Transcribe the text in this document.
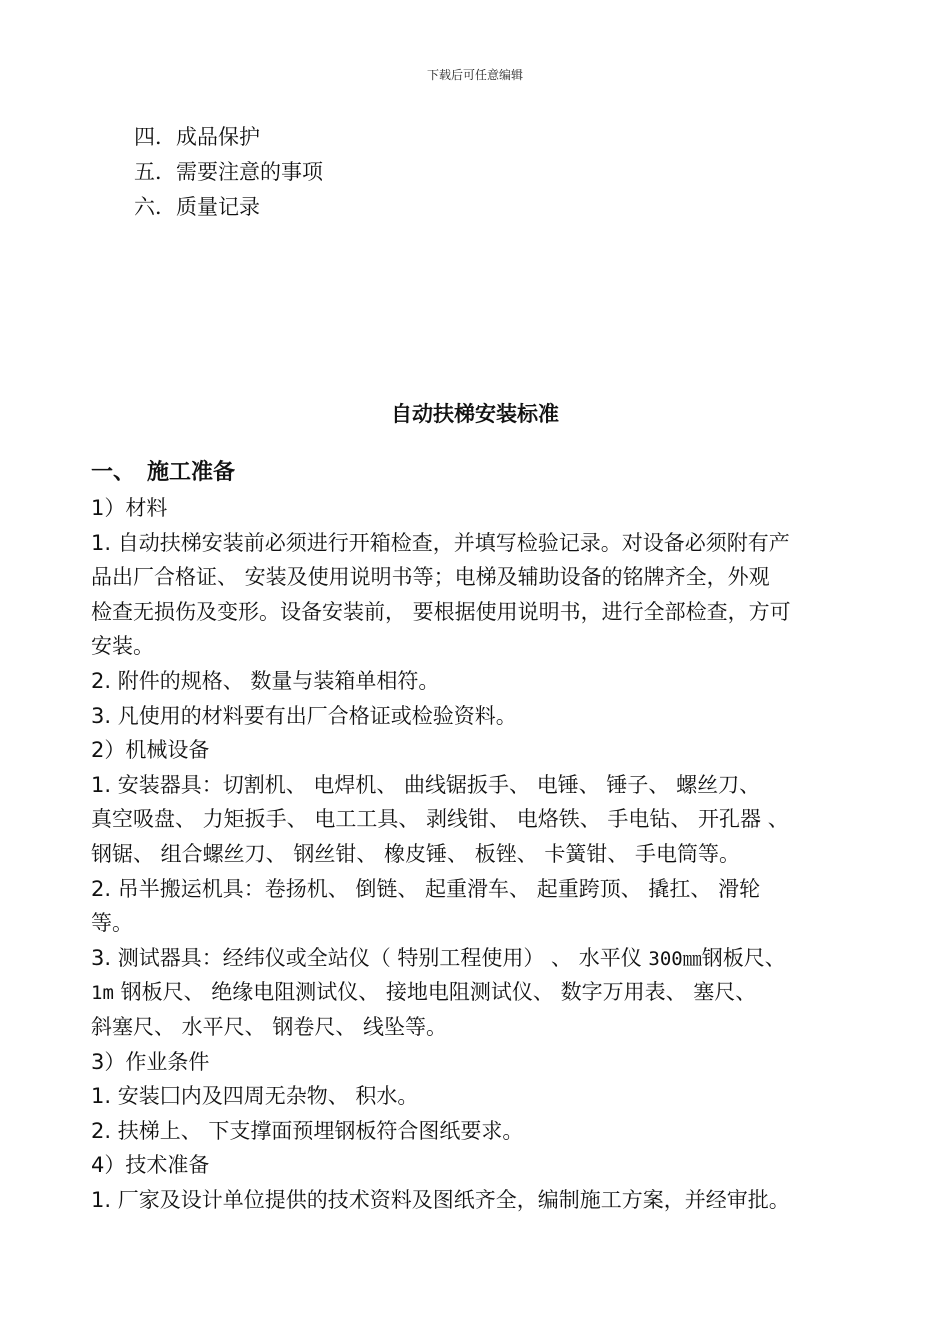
下载后可任意编辑
四．成品保护
五．需要注意的事项
六．质量记录
自动扶梯安装标准
一、 施工准备
1）材料
1. 自动扶梯安装前必须进行开箱检查，并填写检验记录。对设备必须附有产
品出厂合格证、 安装及使用说明书等；电梯及辅助设备的铭牌齐全，外观
检查无损伤及变形。设备安装前， 要根据使用说明书，进行全部检查，方可
安装。
2. 附件的规格、 数量与装箱单相符。
3. 凡使用的材料要有出厂合格证或检验资料。
2）机械设备
1. 安装器具：切割机、 电焊机、 曲线锯扳手、 电锤、 锤子、 螺丝刀、
真空吸盘、 力矩扳手、 电工工具、 剥线钳、 电烙铁、 手电钻、 开孔器 、
钢锯、 组合螺丝刀、 钢丝钳、 橡皮锤、 板锉、 卡簧钳、 手电筒等。
2. 吊半搬运机具：卷扬机、 倒链、 起重滑车、 起重跨顶、 撬扛、 滑轮
等。
3. 测试器具：经纬仪或全站仪（ 特别工程使用） 、 水平仪 300㎜钢板尺、
1m 钢板尺、 绝缘电阻测试仪、 接地电阻测试仪、 数字万用表、 塞尺、
斜塞尺、 水平尺、 钢卷尺、 线坠等。
3）作业条件
1. 安装囗内及四周无杂物、 积水。
2. 扶梯上、 下支撑面预埋钢板符合图纸要求。
4）技术准备
1. 厂家及设计单位提供的技术资料及图纸齐全，编制施工方案，并经审批。
